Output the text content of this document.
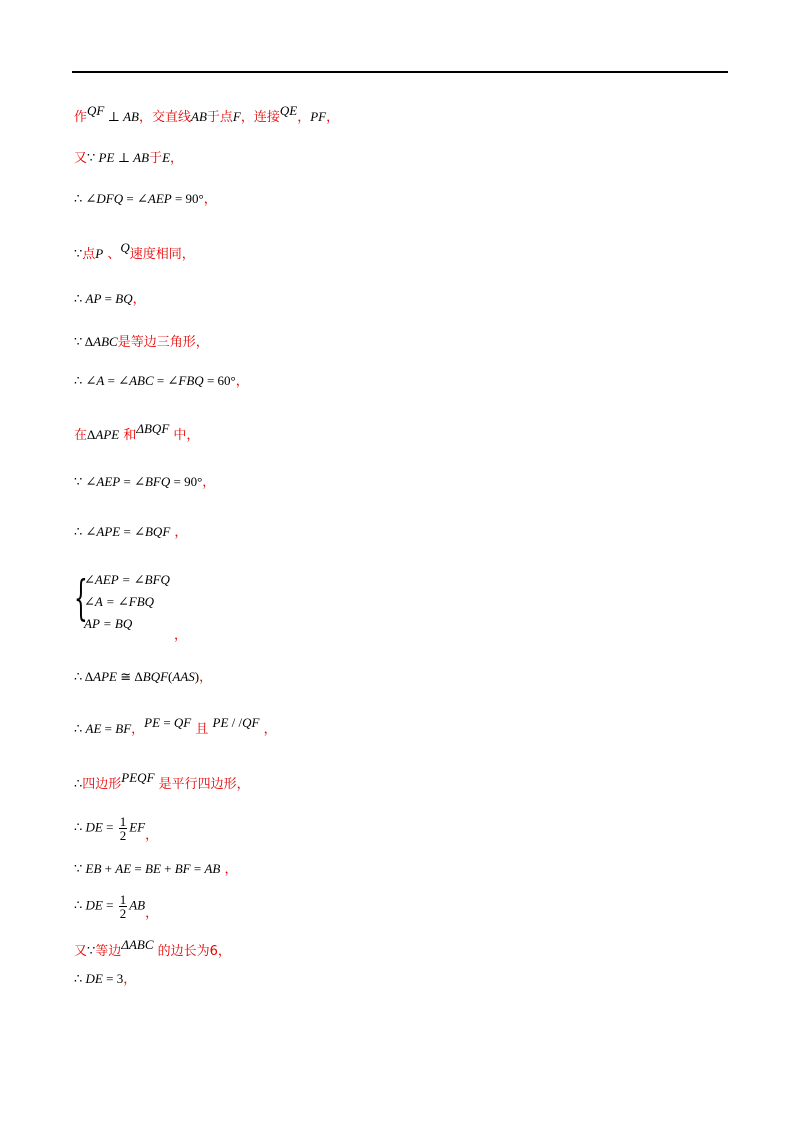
作QF ⊥ AB，交直线AB于点F，连接QE，PF，
又∵ PE ⊥ AB于E，
∴ ∠DFQ = ∠AEP = 90°，
∵点P 、Q速度相同，
∴ AP = BQ，
∵ ΔABC是等边三角形，
∴ ∠A = ∠ABC = ∠FBQ = 60°，
在ΔAPE 和ΔBQF 中，
∵ ∠AEP = ∠BFQ = 90°，
∴ ∠APE = ∠BQF ，
∴ ΔAPE ≅ ΔBQF(AAS)，
∴ AE = BF，PE = QF 且 PE / /QF ，
∴四边形PEQF 是平行四边形，
∵ EB + AE = BE + BF = AB ，
又∵等边ΔABC 的边长为6，
∴ DE = 3，
{
∠AEP = ∠BFQ
∠A = ∠FBQ
AP = BQ
，
∴ DE = $\frac{1}{2}$ EF，
∴ DE = $\frac{1}{2}$ AB，
